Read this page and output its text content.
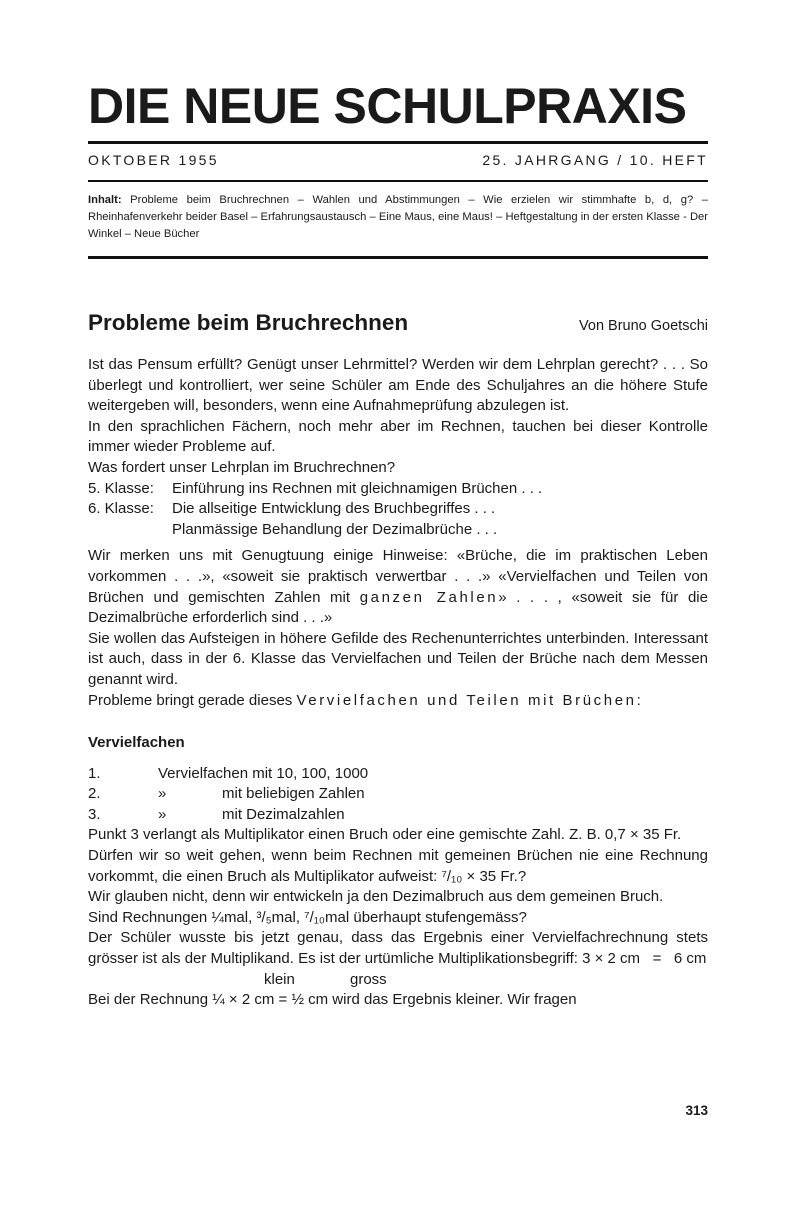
DIE NEUE SCHULPRAXIS
OKTOBER 1955	25. JAHRGANG / 10. HEFT
Inhalt: Probleme beim Bruchrechnen – Wahlen und Abstimmungen – Wie erzielen wir stimmhafte b, d, g? – Rheinhafenverkehr beider Basel – Erfahrungsaustausch – Eine Maus, eine Maus! – Heftgestaltung in der ersten Klasse - Der Winkel – Neue Bücher
Probleme beim Bruchrechnen	Von Bruno Goetschi

Ist das Pensum erfüllt? Genügt unser Lehrmittel? Werden wir dem Lehrplan gerecht? . . . So überlegt und kontrolliert, wer seine Schüler am Ende des Schuljahres an die höhere Stufe weitergeben will, besonders, wenn eine Aufnahmeprüfung abzulegen ist.

In den sprachlichen Fächern, noch mehr aber im Rechnen, tauchen bei dieser Kontrolle immer wieder Probleme auf.

Was fordert unser Lehrplan im Bruchrechnen?

5. Klasse:	Einführung ins Rechnen mit gleichnamigen Brüchen . . .
6. Klasse:	Die allseitige Entwicklung des Bruchbegriffes . . .
Planmässige Behandlung der Dezimalbrüche . . .

Wir merken uns mit Genugtuung einige Hinweise: «Brüche, die im praktischen Leben vorkommen . . .», «soweit sie praktisch verwertbar . . .» «Vervielfachen und Teilen von Brüchen und gemischten Zahlen mit ganzen Zahlen» . . . , «soweit sie für die Dezimalbrüche erforderlich sind . . .»

Sie wollen das Aufsteigen in höhere Gefilde des Rechenunterrichtes unterbinden. Interessant ist auch, dass in der 6. Klasse das Vervielfachen und Teilen der Brüche nach dem Messen genannt wird.

Probleme bringt gerade dieses Vervielfachen und Teilen mit Brüchen:

Vervielfachen
1.	Vervielfachen mit 10, 100, 1000
2.	»	mit beliebigen Zahlen
3.	»	mit Dezimalzahlen

Punkt 3 verlangt als Multiplikator einen Bruch oder eine gemischte Zahl. Z. B. 0,7 × 35 Fr.

Dürfen wir so weit gehen, wenn beim Rechnen mit gemeinen Brüchen nie eine Rechnung vorkommt, die einen Bruch als Multiplikator aufweist: ⁷/₁₀ × 35 Fr.?

Wir glauben nicht, denn wir entwickeln ja den Dezimalbruch aus dem gemeinen Bruch.

Sind Rechnungen ¼mal, ³/₅mal, ⁷/₁₀mal überhaupt stufengemäss?

Der Schüler wusste bis jetzt genau, dass das Ergebnis einer Vervielfachrechnung stets grösser ist als der Multiplikand. Es ist der urtümliche Multiplikationsbegriff: 3 × 2 cm = 6 cm

klein	gross

Bei der Rechnung ¼ × 2 cm = ½ cm wird das Ergebnis kleiner. Wir fragen

313
